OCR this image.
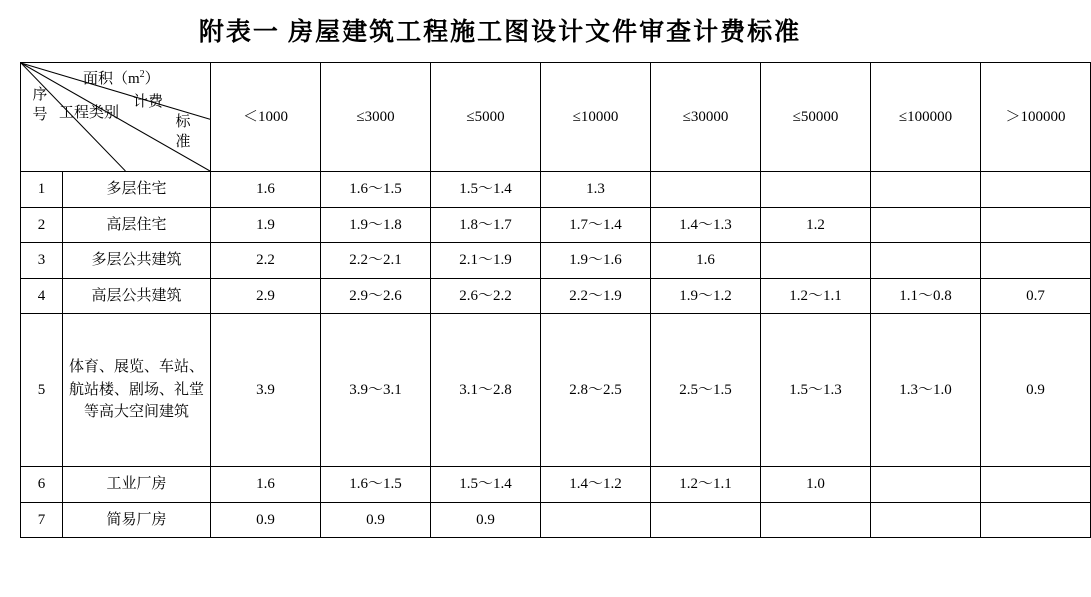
附表一 房屋建筑工程施工图设计文件审查计费标准
面积$(m^2)$
序号 工程类别
计费
标准		＜1000	≤3000	≤5000	≤10000	≤30000	≤50000	≤100000	＞100000
1	多层住宅	1.6	1.6～1.5	1.5～1.4	1.3				
2	高层住宅	1.9	1.9～1.8	1.8～1.7	1.7～1.4	1.4～1.3	1.2		
3	多层公共建筑	2.2	2.2～2.1	2.1～1.9	1.9～1.6	1.6			
4	高层公共建筑	2.9	2.9～2.6	2.6～2.2	2.2～1.9	1.9～1.2	1.2～1.1	1.1～0.8	0.7
5	体育、展览、车站、航站楼、剧场、礼堂等高大空间建筑	3.9	3.9～3.1	3.1～2.8	2.8～2.5	2.5～1.5	1.5～1.3	1.3～1.0	0.9
6	工业厂房	1.6	1.6～1.5	1.5～1.4	1.4～1.2	1.2～1.1	1.0		
7	简易厂房	0.9	0.9	0.9					
